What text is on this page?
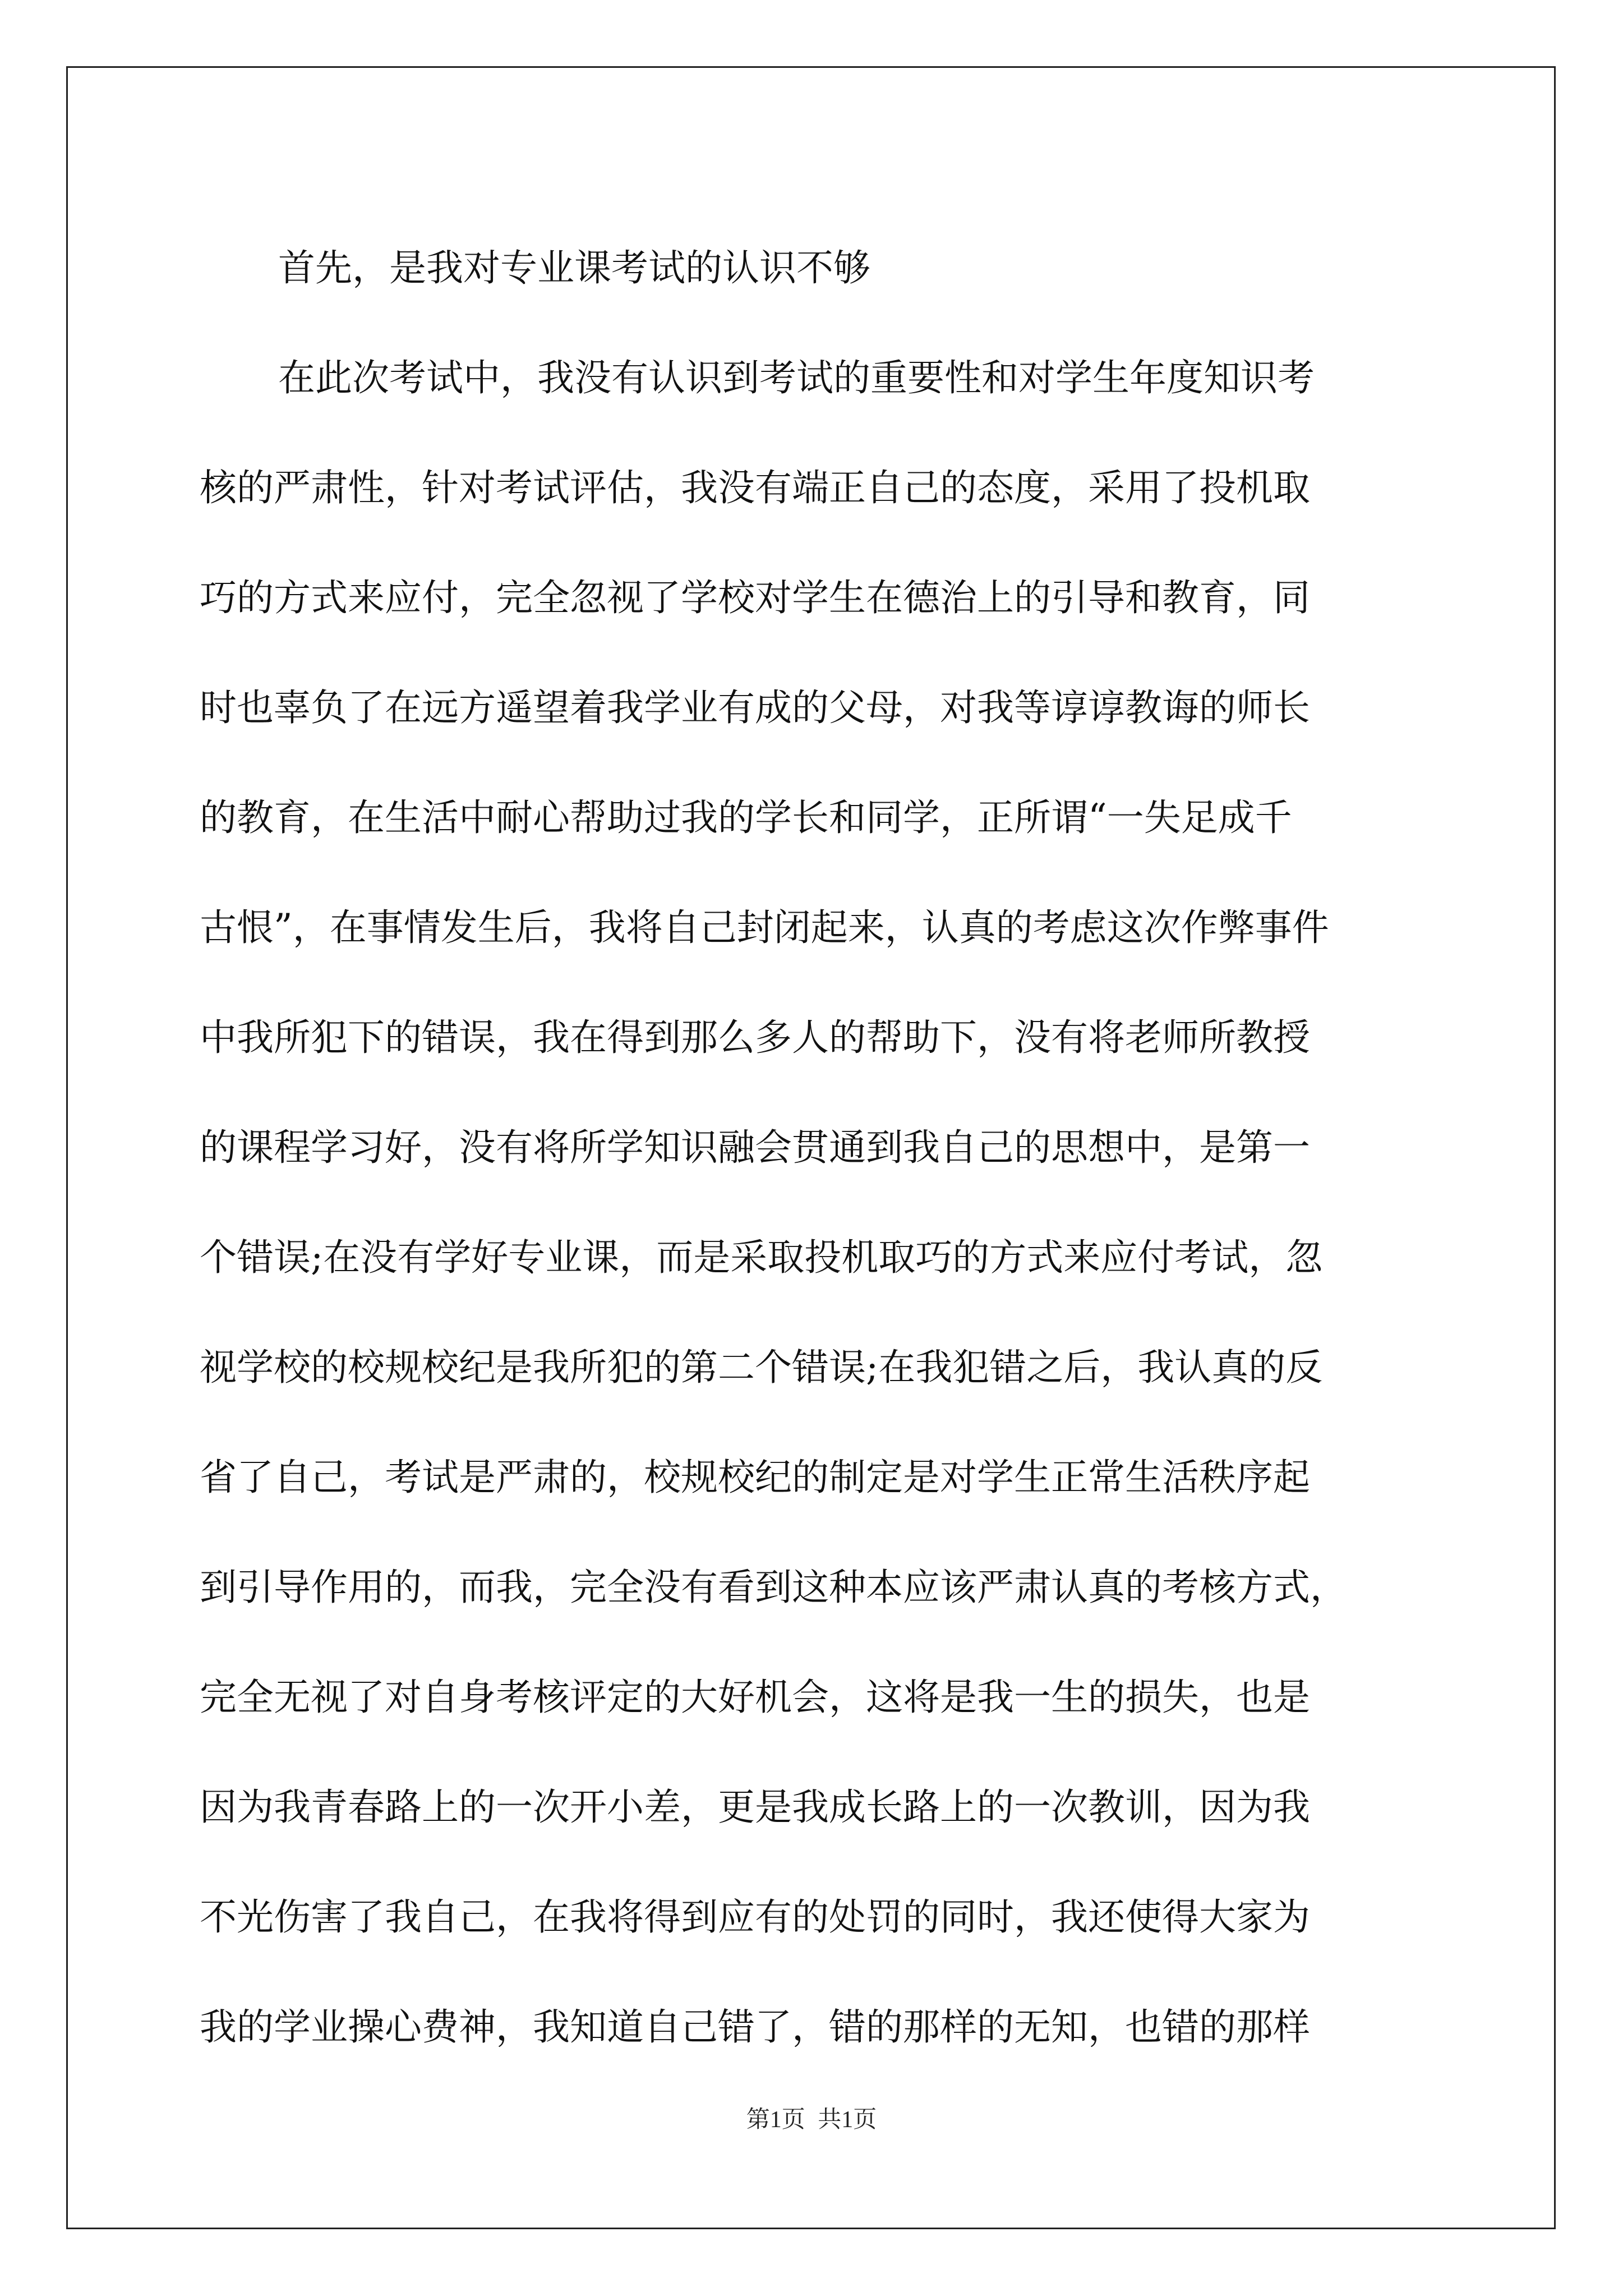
首先，是我对专业课考试的认识不够

在此次考试中，我没有认识到考试的重要性和对学生年度知识考
核的严肃性，针对考试评估，我没有端正自己的态度，采用了投机取
巧的方式来应付，完全忽视了学校对学生在德治上的引导和教育，同
时也辜负了在远方遥望着我学业有成的父母，对我等谆谆教诲的师长
的教育，在生活中耐心帮助过我的学长和同学，正所谓“一失足成千
古恨”，在事情发生后，我将自己封闭起来，认真的考虑这次作弊事件
中我所犯下的错误，我在得到那么多人的帮助下，没有将老师所教授
的课程学习好，没有将所学知识融会贯通到我自己的思想中，是第一
个错误;在没有学好专业课，而是采取投机取巧的方式来应付考试，忽
视学校的校规校纪是我所犯的第二个错误;在我犯错之后，我认真的反
省了自己，考试是严肃的，校规校纪的制定是对学生正常生活秩序起
到引导作用的，而我，完全没有看到这种本应该严肃认真的考核方式，
完全无视了对自身考核评定的大好机会，这将是我一生的损失，也是
因为我青春路上的一次开小差，更是我成长路上的一次教训，因为我
不光伤害了我自己，在我将得到应有的处罚的同时，我还使得大家为
我的学业操心费神，我知道自己错了，错的那样的无知，也错的那样

第1页 共1页
